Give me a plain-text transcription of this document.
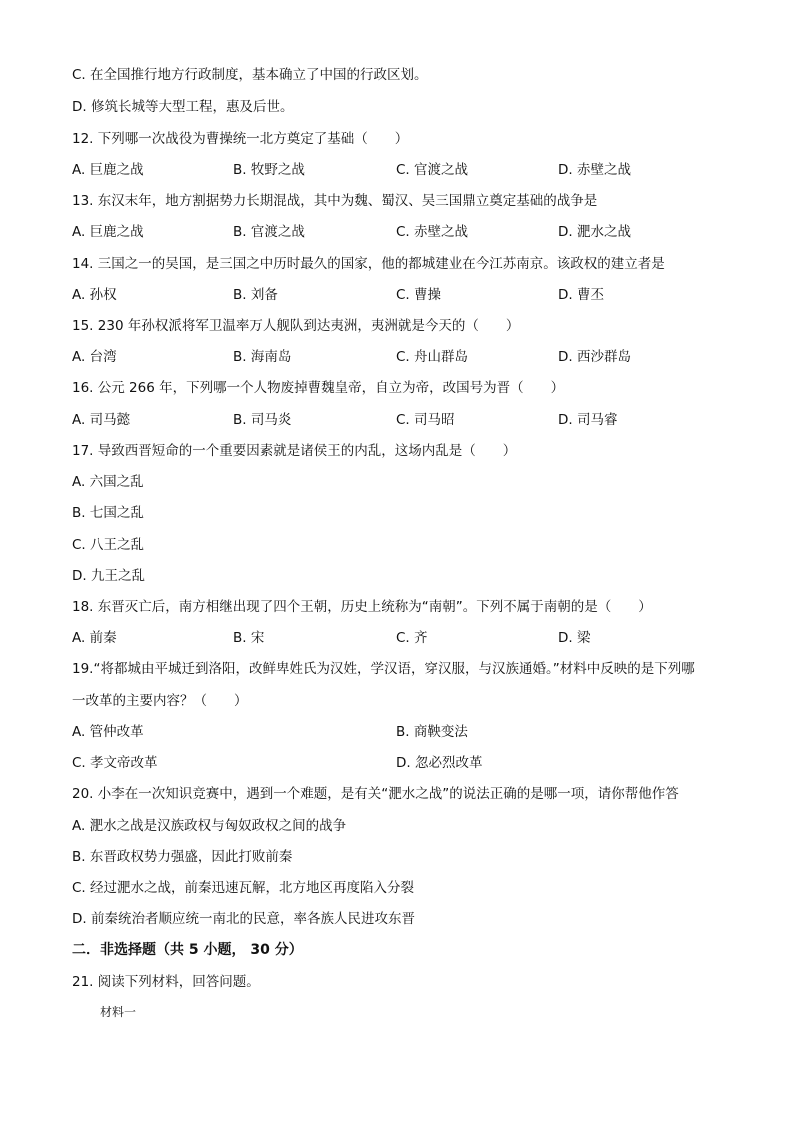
C. 在全国推行地方行政制度，基本确立了中国的行政区划。
D. 修筑长城等大型工程，惠及后世。
12. 下列哪一次战役为曹操统一北方奠定了基础（　　）
A. 巨鹿之战	B. 牧野之战	C. 官渡之战	D. 赤壁之战
13. 东汉末年，地方割据势力长期混战，其中为魏、蜀汉、吴三国鼎立奠定基础的战争是
A. 巨鹿之战	B. 官渡之战	C. 赤壁之战	D. 淝水之战
14. 三国之一的吴国，是三国之中历时最久的国家，他的都城建业在今江苏南京。该政权的建立者是
A. 孙权	B. 刘备	C. 曹操	D. 曹丕
15. 230 年孙权派将军卫温率万人舰队到达夷洲，夷洲就是今天的（　　）
A. 台湾	B. 海南岛	C. 舟山群岛	D. 西沙群岛
16. 公元 266 年，下列哪一个人物废掉曹魏皇帝，自立为帝，改国号为晋（　　）
A. 司马懿	B. 司马炎	C. 司马昭	D. 司马睿
17. 导致西晋短命的一个重要因素就是诸侯王的内乱，这场内乱是（　　）
A. 六国之乱
B. 七国之乱
C. 八王之乱
D. 九王之乱
18. 东晋灭亡后，南方相继出现了四个王朝，历史上统称为“南朝”。下列不属于南朝的是（　　）
A. 前秦	B. 宋	C. 齐	D. 梁
19.“将都城由平城迁到洛阳，改鲜卑姓氏为汉姓，学汉语，穿汉服，与汉族通婚。”材料中反映的是下列哪
一改革的主要内容？（　　）
A. 管仲改革	B. 商鞅变法
C. 孝文帝改革	D. 忽必烈改革
20. 小李在一次知识竞赛中，遇到一个难题，是有关“淝水之战”的说法正确的是哪一项，请你帮他作答
A. 淝水之战是汉族政权与匈奴政权之间的战争
B. 东晋政权势力强盛，因此打败前秦
C. 经过淝水之战，前秦迅速瓦解，北方地区再度陷入分裂
D. 前秦统治者顺应统一南北的民意，率各族人民进攻东晋
二．非选择题（共 5 小题， 30 分）
21. 阅读下列材料，回答问题。
材料一
